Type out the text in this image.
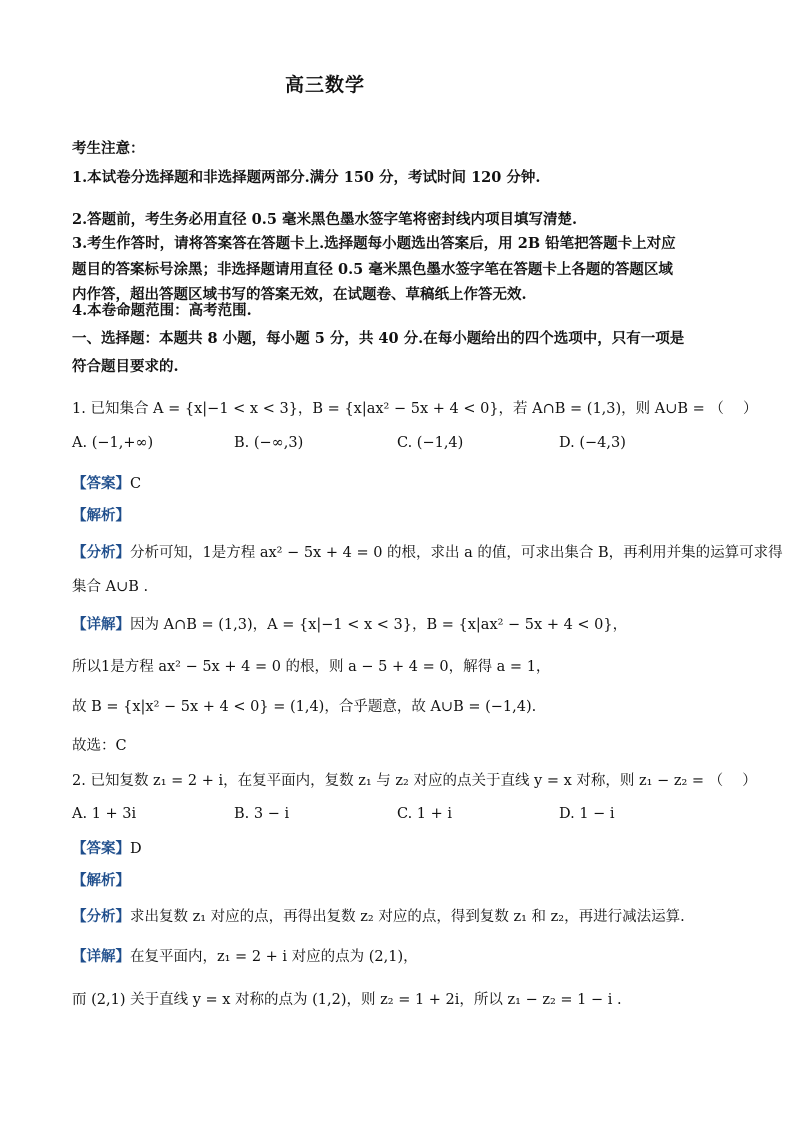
高三数学
考生注意：
1.本试卷分选择题和非选择题两部分.满分 150 分，考试时间 120 分钟.
2.答题前，考生务必用直径 0.5 毫米黑色墨水签字笔将密封线内项目填写清楚.
3.考生作答时，请将答案答在答题卡上.选择题每小题选出答案后，用 2B 铅笔把答题卡上对应
题目的答案标号涂黑；非选择题请用直径 0.5 毫米黑色墨水签字笔在答题卡上各题的答题区域
内作答，超出答题区域书写的答案无效，在试题卷、草稿纸上作答无效.
4.本卷命题范围：高考范围.
一、选择题：本题共 8 小题，每小题 5 分，共 40 分.在每小题给出的四个选项中，只有一项是
符合题目要求的.
1. 已知集合 A = {x|−1 < x < 3}，B = {x|ax² − 5x + 4 < 0}，若 A∩B = (1,3)，则 A∪B = （　 ）
A. (−1,+∞)	B. (−∞,3)	C. (−1,4)	D. (−4,3)
【答案】C
【解析】
【分析】分析可知，1是方程 ax² − 5x + 4 = 0 的根，求出 a 的值，可求出集合 B，再利用并集的运算可求得
集合 A∪B .
【详解】因为 A∩B = (1,3)，A = {x|−1 < x < 3}，B = {x|ax² − 5x + 4 < 0}，
所以1是方程 ax² − 5x + 4 = 0 的根，则 a − 5 + 4 = 0，解得 a = 1，
故 B = {x|x² − 5x + 4 < 0} = (1,4)，合乎题意，故 A∪B = (−1,4).
故选：C
2. 已知复数 z₁ = 2 + i，在复平面内，复数 z₁ 与 z₂ 对应的点关于直线 y = x 对称，则 z₁ − z₂ = （　 ）
A. 1 + 3i	B. 3 − i	C. 1 + i	D. 1 − i
【答案】D
【解析】
【分析】求出复数 z₁ 对应的点，再得出复数 z₂ 对应的点，得到复数 z₁ 和 z₂，再进行减法运算.
【详解】在复平面内，z₁ = 2 + i 对应的点为 (2,1)，
而 (2,1) 关于直线 y = x 对称的点为 (1,2)，则 z₂ = 1 + 2i，所以 z₁ − z₂ = 1 − i .
